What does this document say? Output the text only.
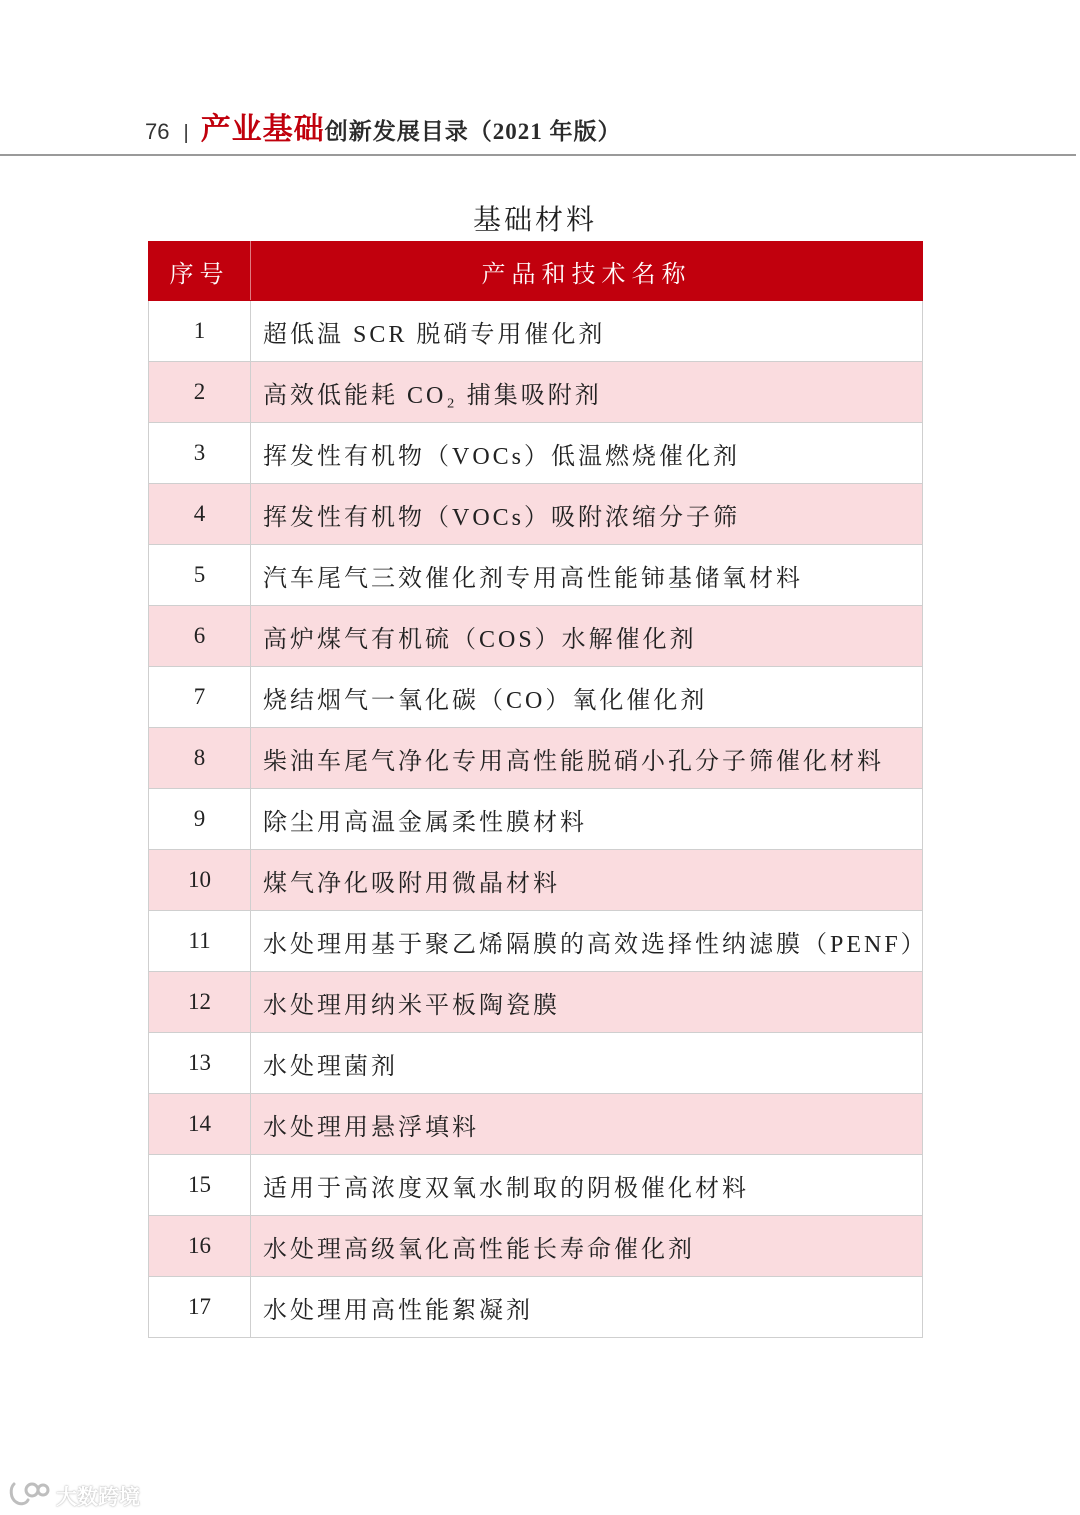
76 | 产业基础 创新发展目录（2021 年版）
基础材料
序号	产品和技术名称
1	超低温 SCR 脱硝专用催化剂
2	高效低能耗 CO₂ 捕集吸附剂
3	挥发性有机物（VOCs）低温燃烧催化剂
4	挥发性有机物（VOCs）吸附浓缩分子筛
5	汽车尾气三效催化剂专用高性能铈基储氧材料
6	高炉煤气有机硫（COS）水解催化剂
7	烧结烟气一氧化碳（CO）氧化催化剂
8	柴油车尾气净化专用高性能脱硝小孔分子筛催化材料
9	除尘用高温金属柔性膜材料
10	煤气净化吸附用微晶材料
11	水处理用基于聚乙烯隔膜的高效选择性纳滤膜（PENF）
12	水处理用纳米平板陶瓷膜
13	水处理菌剂
14	水处理用悬浮填料
15	适用于高浓度双氧水制取的阴极催化材料
16	水处理高级氧化高性能长寿命催化剂
17	水处理用高性能絮凝剂
大数跨境
